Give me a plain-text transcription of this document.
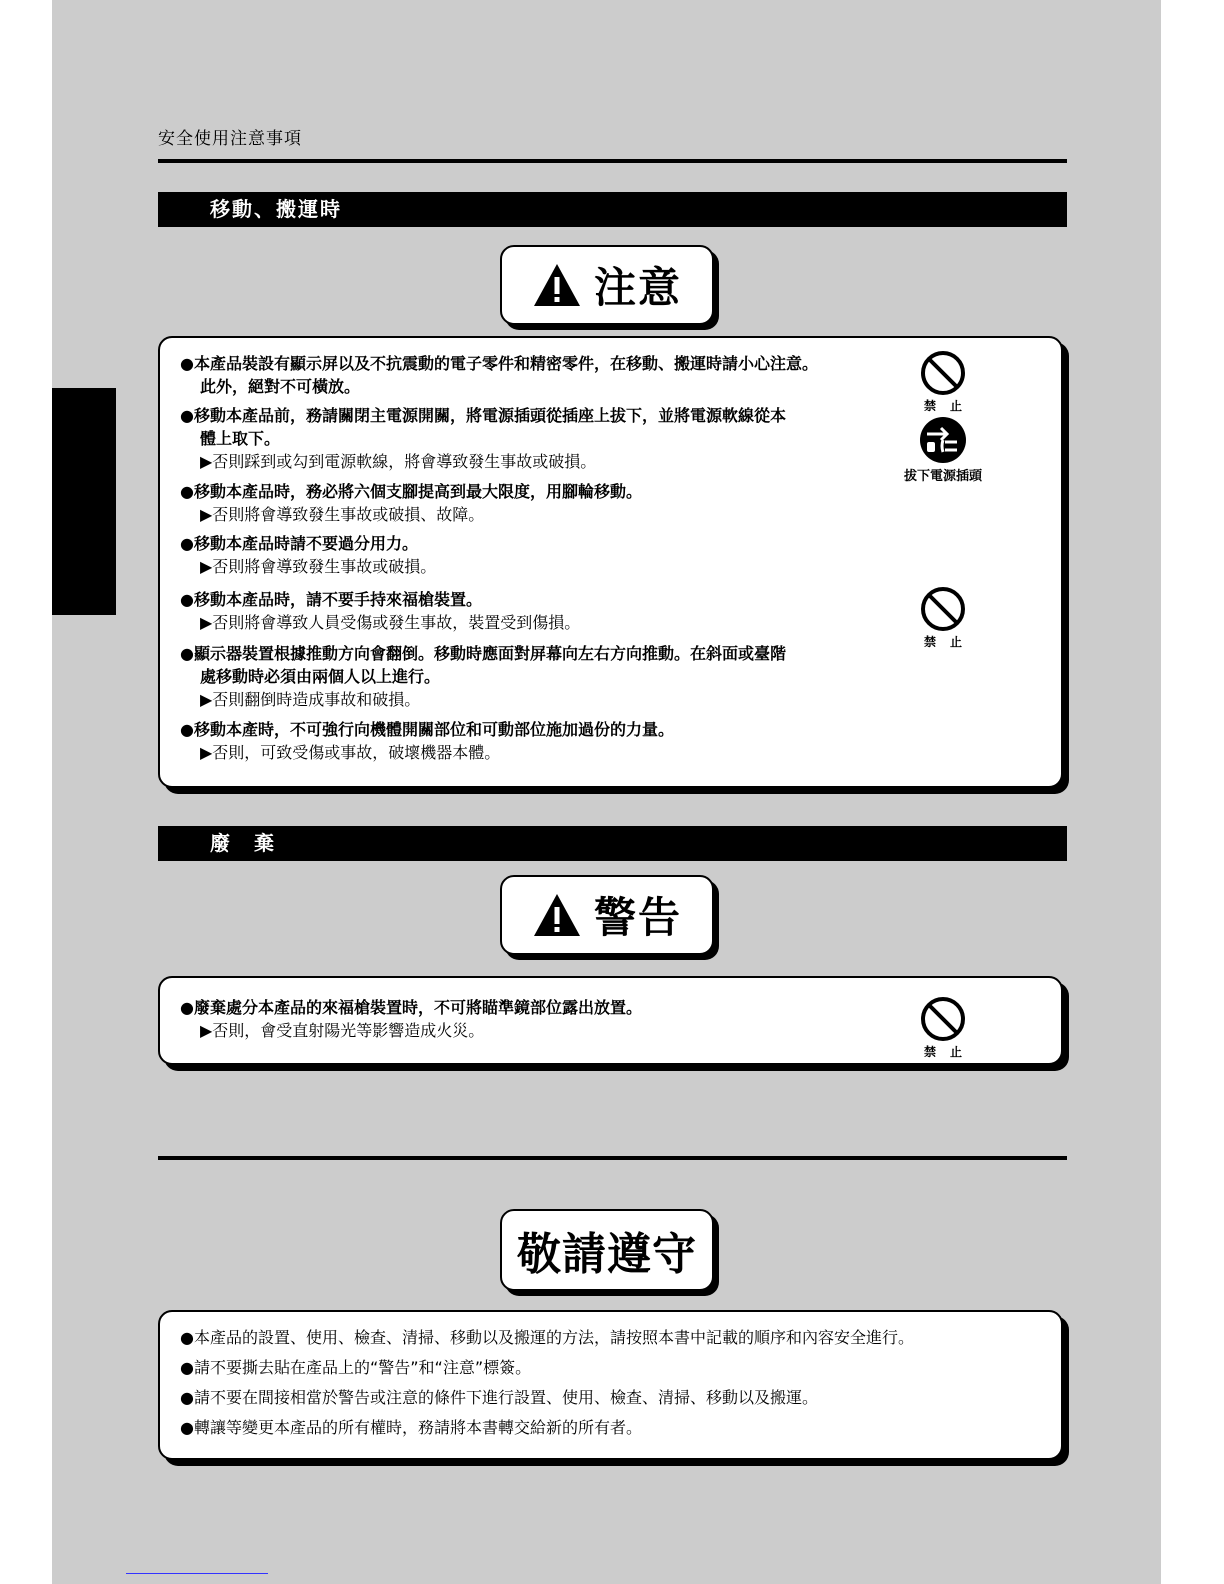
安全使用注意事項
移動、搬運時
注意
●本產品裝設有顯示屏以及不抗震動的電子零件和精密零件，在移動、搬運時請小心注意。
此外，絕對不可橫放。
●移動本產品前，務請關閉主電源開關，將電源插頭從插座上拔下，並將電源軟線從本
體上取下。
▶否則踩到或勾到電源軟線，將會導致發生事故或破損。
●移動本產品時，務必將六個支腳提高到最大限度，用腳輪移動。
▶否則將會導致發生事故或破損、故障。
●移動本產品時請不要過分用力。
▶否則將會導致發生事故或破損。
●移動本產品時，請不要手持來福槍裝置。
▶否則將會導致人員受傷或發生事故，裝置受到傷損。
●顯示器裝置根據推動方向會翻倒。移動時應面對屏幕向左右方向推動。在斜面或臺階
處移動時必須由兩個人以上進行。
▶否則翻倒時造成事故和破損。
●移動本產時，不可強行向機體開關部位和可動部位施加過份的力量。
▶否則，可致受傷或事故，破壞機器本體。
禁止
拔下電源插頭
禁止
廢　棄
警告
●廢棄處分本產品的來福槍裝置時，不可將瞄準鏡部位露出放置。
▶否則，會受直射陽光等影響造成火災。
禁止
敬請遵守
●本產品的設置、使用、檢查、清掃、移動以及搬運的方法，請按照本書中記載的順序和內容安全進行。
●請不要撕去貼在產品上的“警告”和“注意”標簽。
●請不要在間接相當於警告或注意的條件下進行設置、使用、檢查、清掃、移動以及搬運。
●轉讓等變更本產品的所有權時，務請將本書轉交給新的所有者。
